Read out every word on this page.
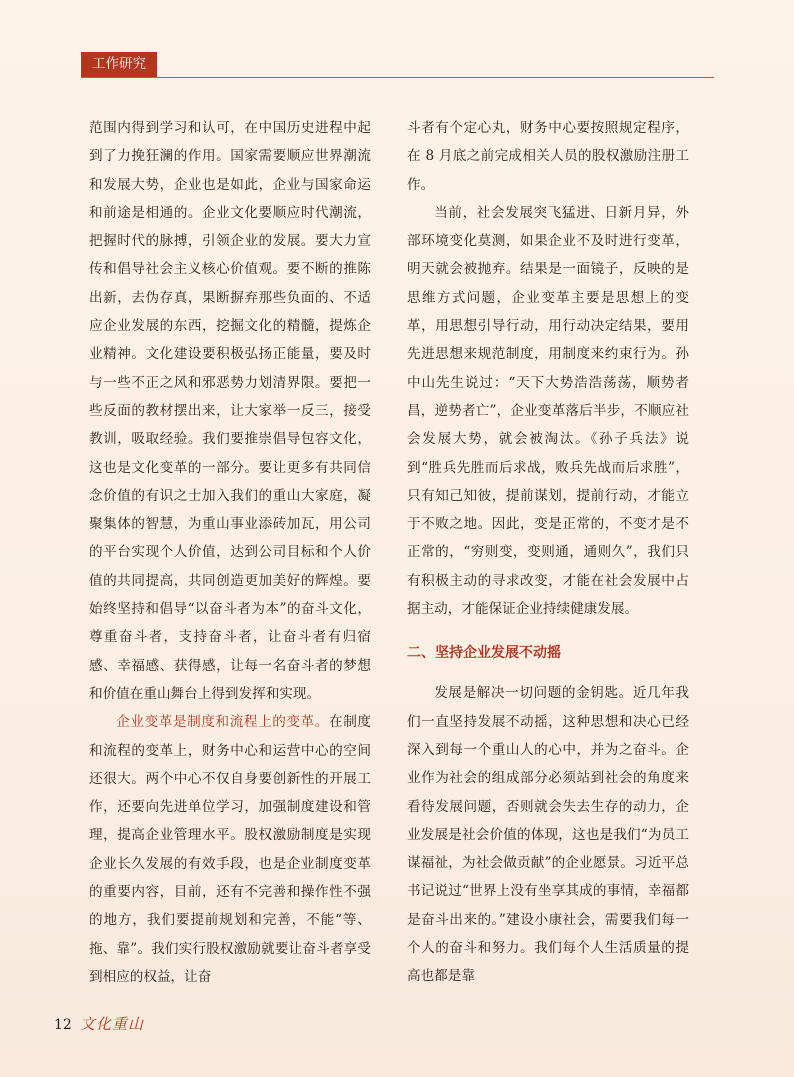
工作研究

范围内得到学习和认可，在中国历史进程中起到了力挽狂澜的作用。国家需要顺应世界潮流和发展大势，企业也是如此，企业与国家命运和前途是相通的。企业文化要顺应时代潮流，把握时代的脉搏，引领企业的发展。要大力宣传和倡导社会主义核心价值观。要不断的推陈出新，去伪存真，果断摒弃那些负面的、不适应企业发展的东西，挖掘文化的精髓，提炼企业精神。文化建设要积极弘扬正能量，要及时与一些不正之风和邪恶势力划清界限。要把一些反面的教材摆出来，让大家举一反三，接受教训，吸取经验。我们要推崇倡导包容文化，这也是文化变革的一部分。要让更多有共同信念价值的有识之士加入我们的重山大家庭，凝聚集体的智慧，为重山事业添砖加瓦，用公司的平台实现个人价值，达到公司目标和个人价值的共同提高，共同创造更加美好的辉煌。要始终坚持和倡导“以奋斗者为本”的奋斗文化，尊重奋斗者，支持奋斗者，让奋斗者有归宿感、幸福感、获得感，让每一名奋斗者的梦想和价值在重山舞台上得到发挥和实现。

企业变革是制度和流程上的变革。在制度和流程的变革上，财务中心和运营中心的空间还很大。两个中心不仅自身要创新性的开展工作，还要向先进单位学习，加强制度建设和管理，提高企业管理水平。股权激励制度是实现企业长久发展的有效手段，也是企业制度变革的重要内容，目前，还有不完善和操作性不强的地方，我们要提前规划和完善，不能“等、拖、靠”。我们实行股权激励就要让奋斗者享受到相应的权益，让奋

斗者有个定心丸，财务中心要按照规定程序，在 8 月底之前完成相关人员的股权激励注册工作。

当前，社会发展突飞猛进、日新月异，外部环境变化莫测，如果企业不及时进行变革，明天就会被抛弃。结果是一面镜子，反映的是思维方式问题，企业变革主要是思想上的变革，用思想引导行动，用行动决定结果，要用先进思想来规范制度，用制度来约束行为。孙中山先生说过：“天下大势浩浩荡荡，顺势者昌，逆势者亡”，企业变革落后半步，不顺应社会发展大势，就会被淘汰。《孙子兵法》说到“胜兵先胜而后求战，败兵先战而后求胜”，只有知己知彼，提前谋划，提前行动，才能立于不败之地。因此，变是正常的，不变才是不正常的，“穷则变，变则通，通则久”，我们只有积极主动的寻求改变，才能在社会发展中占据主动，才能保证企业持续健康发展。

二、坚持企业发展不动摇

发展是解决一切问题的金钥匙。近几年我们一直坚持发展不动摇，这种思想和决心已经深入到每一个重山人的心中，并为之奋斗。企业作为社会的组成部分必须站到社会的角度来看待发展问题，否则就会失去生存的动力，企业发展是社会价值的体现，这也是我们“为员工谋福祉，为社会做贡献”的企业愿景。习近平总书记说过“世界上没有坐享其成的事情，幸福都是奋斗出来的。”建设小康社会，需要我们每一个人的奋斗和努力。我们每个人生活质量的提高也都是靠

12 文化重山
